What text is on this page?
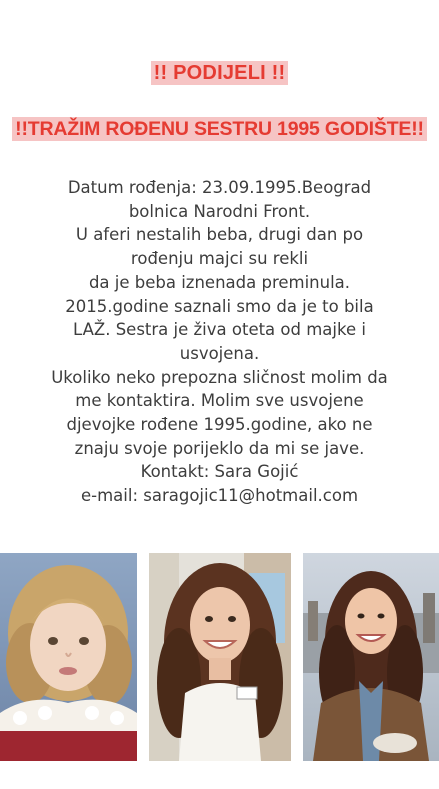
!! PODIJELI !!
!!TRAŽIM ROĐENU SESTRU 1995 GODIŠTE!!
Datum rođenja: 23.09.1995.Beograd
bolnica Narodni Front.
U aferi nestalih beba, drugi dan po
rođenju majci su rekli
da je beba iznenada preminula.
2015.godine saznali smo da je to bila
LAŽ. Sestra je živa oteta od majke i
usvojena.
Ukoliko neko prepozna sličnost molim da
me kontaktira. Molim sve usvojene
djevojke rođene 1995.godine, ako ne
znaju svoje porijeklo da mi se jave.
Kontakt: Sara Gojić
e-mail: saragojic11@hotmail.com
